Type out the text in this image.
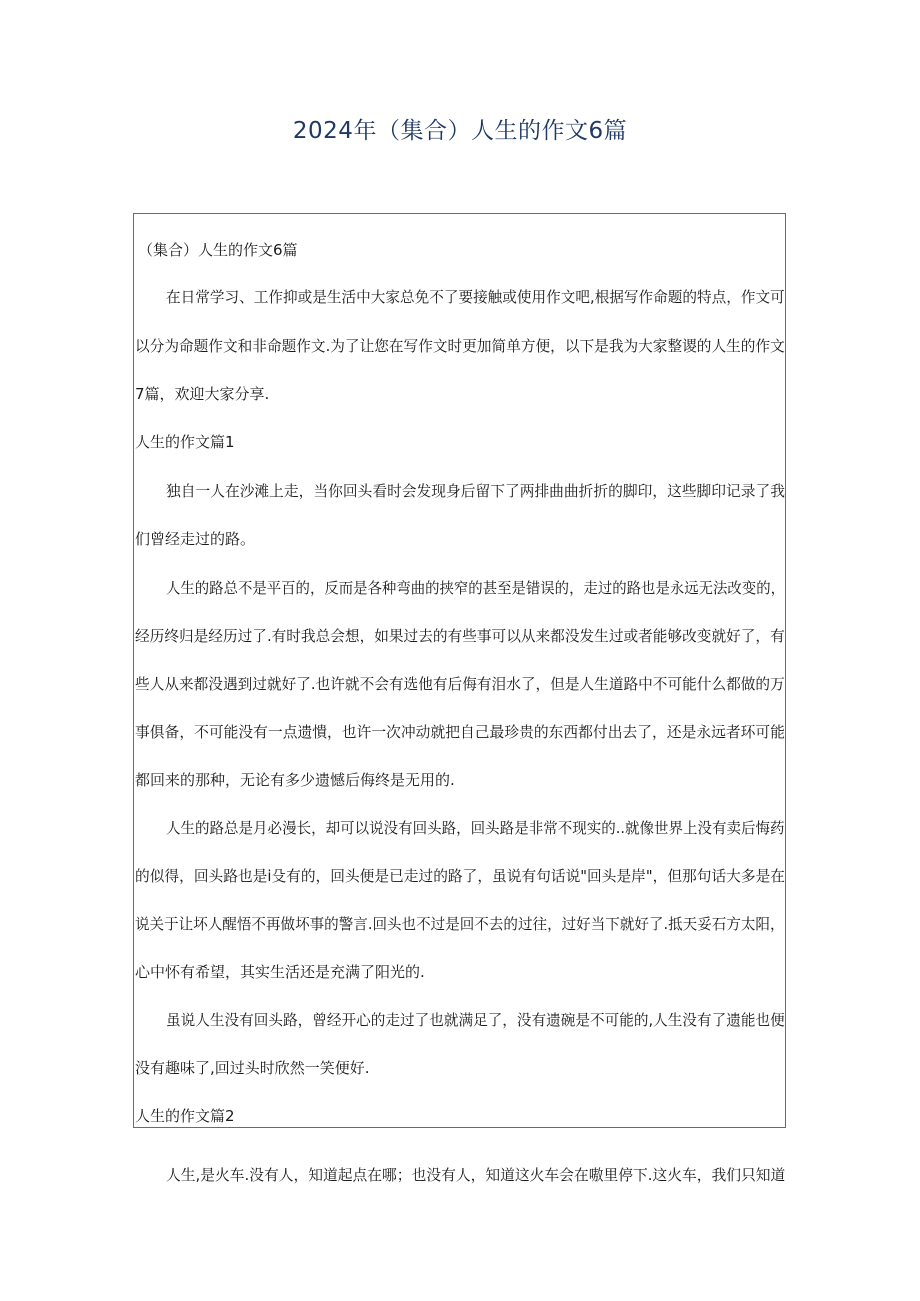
2024年（集合）人生的作文6篇
（集合）人生的作文6篇
在日常学习、工作抑或是生活中大家总免不了要接触或使用作文吧,根据写作命题的特点，作文可
以分为命题作文和非命题作文.为了让您在写作文时更加简单方便，以下是我为大家整谡的人生的作文
7篇，欢迎大家分享.
人生的作文篇1
独自一人在沙滩上走，当你回头看时会发现身后留下了两排曲曲折折的脚印，这些脚印记录了我
们曾经走过的路。
人生的路总不是平百的，反而是各种弯曲的挟窄的甚至是错误的，走过的路也是永远无法改变的，
经历终归是经历过了.有时我总会想，如果过去的有些事可以从来都没发生过或者能够改变就好了，有
些人从来都没遇到过就好了.也许就不会有选他有后侮有泪水了，但是人生道路中不可能什么都做的万
事俱备，不可能没有一点遗憒，也许一次冲动就把自己最珍贵的东西都付出去了，还是永远者环可能
都回来的那种，无论有多少遗憾后侮终是无用的.
人生的路总是月必漫长，却可以说没有回头路，回头路是非常不现实的..就像世界上没有卖后悔药
的似得，回头路也是i殳有的，回头便是已走过的路了，虽说有句话说"回头是岸"，但那句话大多是在
说关于让坏人醒悟不再做坏事的警言.回头也不过是回不去的过往，过好当下就好了.抵天妥石方太阳，
心中怀有希望，其实生活还是充满了阳光的.
虽说人生没有回头路，曾经开心的走过了也就满足了，没有遗碗是不可能的,人生没有了遗能也便
没有趣味了,回过头时欣然一笑便好.
人生的作文篇2
人生,是火车.没有人，知道起点在哪；也没有人，知道这火车会在嗷里停下.这火车，我们只知道
